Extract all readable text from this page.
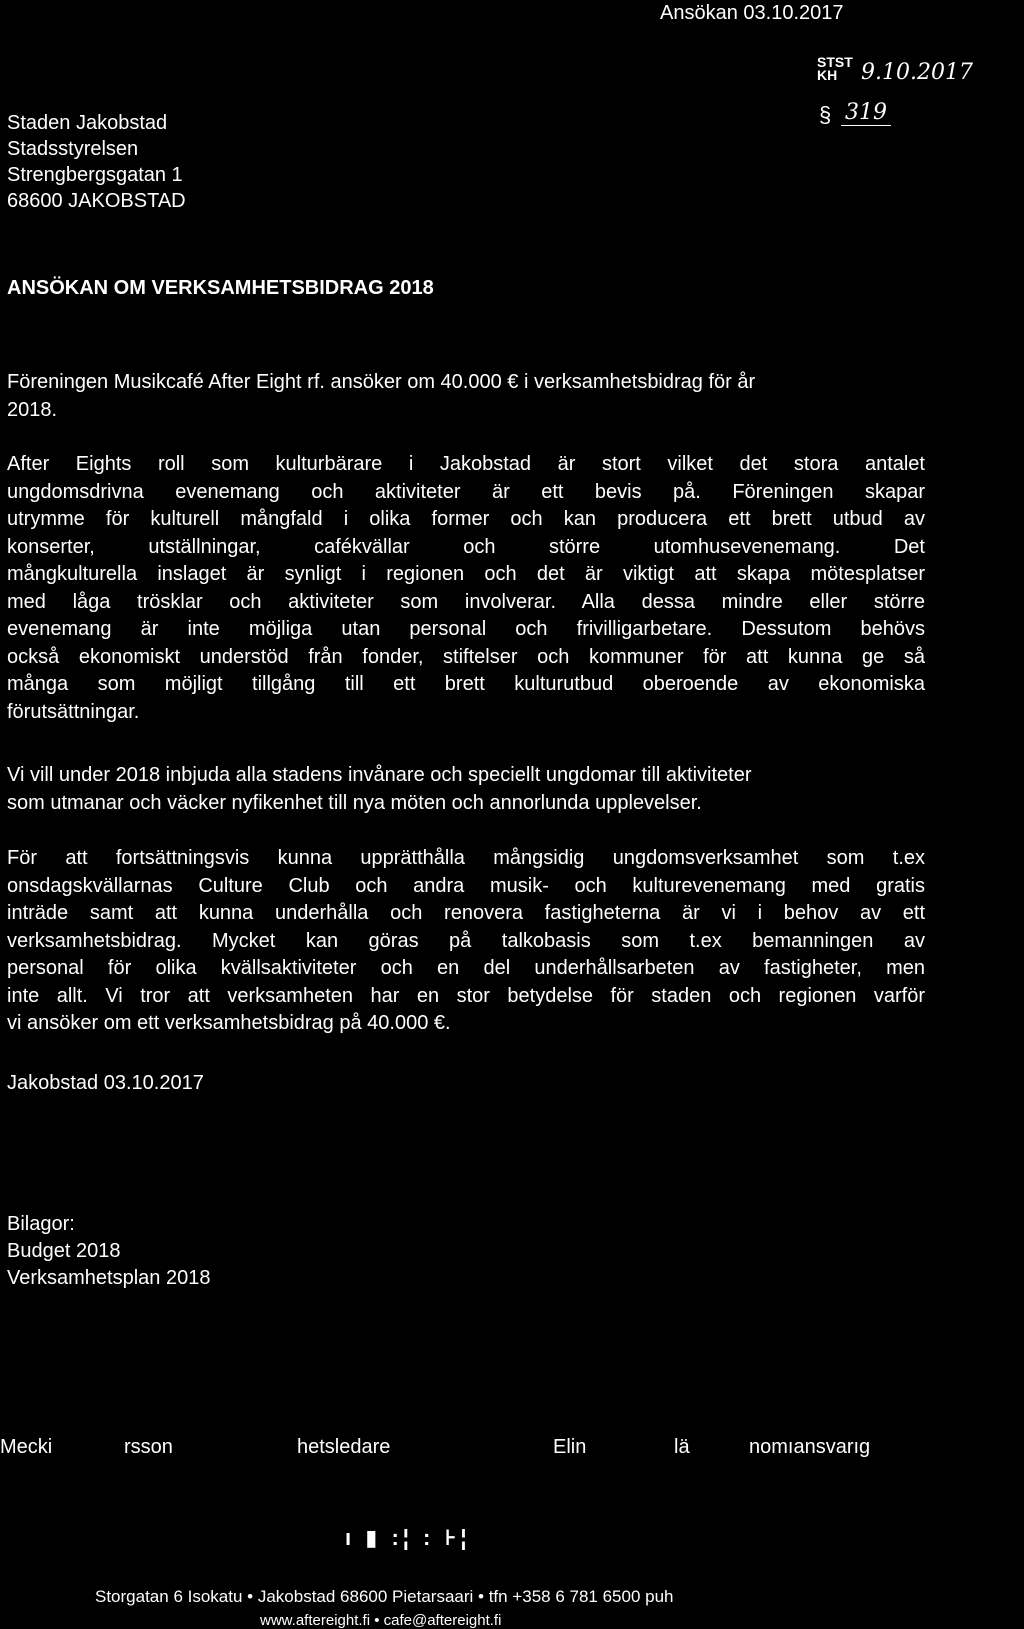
Ansökan 03.10.2017
STST
KH	9.10.2017
§ 319
Staden Jakobstad
Stadsstyrelsen
Strengbergsgatan 1
68600 JAKOBSTAD
ANSÖKAN OM VERKSAMHETSBIDRAG 2018
Föreningen Musikcafé After Eight rf. ansöker om 40.000 € i verksamhetsbidrag för år
2018.
After Eights roll som kulturbärare i Jakobstad är stort vilket det stora antalet
ungdomsdrivna evenemang och aktiviteter är ett bevis på. Föreningen skapar
utrymme för kulturell mångfald i olika former och kan producera ett brett utbud av
konserter, utställningar, cafékvällar och större utomhusevenemang. Det
mångkulturella inslaget är synligt i regionen och det är viktigt att skapa mötesplatser
med låga trösklar och aktiviteter som involverar. Alla dessa mindre eller större
evenemang är inte möjliga utan personal och frivilligarbetare. Dessutom behövs
också ekonomiskt understöd från fonder, stiftelser och kommuner för att kunna ge så
många som möjligt tillgång till ett brett kulturutbud oberoende av ekonomiska
förutsättningar.
Vi vill under 2018 inbjuda alla stadens invånare och speciellt ungdomar till aktiviteter
som utmanar och väcker nyfikenhet till nya möten och annorlunda upplevelser.
För att fortsättningsvis kunna upprätthålla mångsidig ungdomsverksamhet som t.ex
onsdagskvällarnas Culture Club och andra musik- och kulturevenemang med gratis
inträde samt att kunna underhålla och renovera fastigheterna är vi i behov av ett
verksamhetsbidrag. Mycket kan göras på talkobasis som t.ex bemanningen av
personal för olika kvällsaktiviteter och en del underhållsarbeten av fastigheter, men
inte allt. Vi tror att verksamheten har en stor betydelse för staden och regionen varför
vi ansöker om ett verksamhetsbidrag på 40.000 €.
Jakobstad 03.10.2017
Bilagor:
Budget 2018
Verksamhetsplan 2018
Mecki	rsson	hetsledare	Elin	lä	nomıansvarıg
ı ▮ :¦ : ⊦¦
Storgatan 6 Isokatu • Jakobstad 68600 Pietarsaari • tfn +358 6 781 6500 puh
www.aftereight.fi • cafe@aftereight.fi
